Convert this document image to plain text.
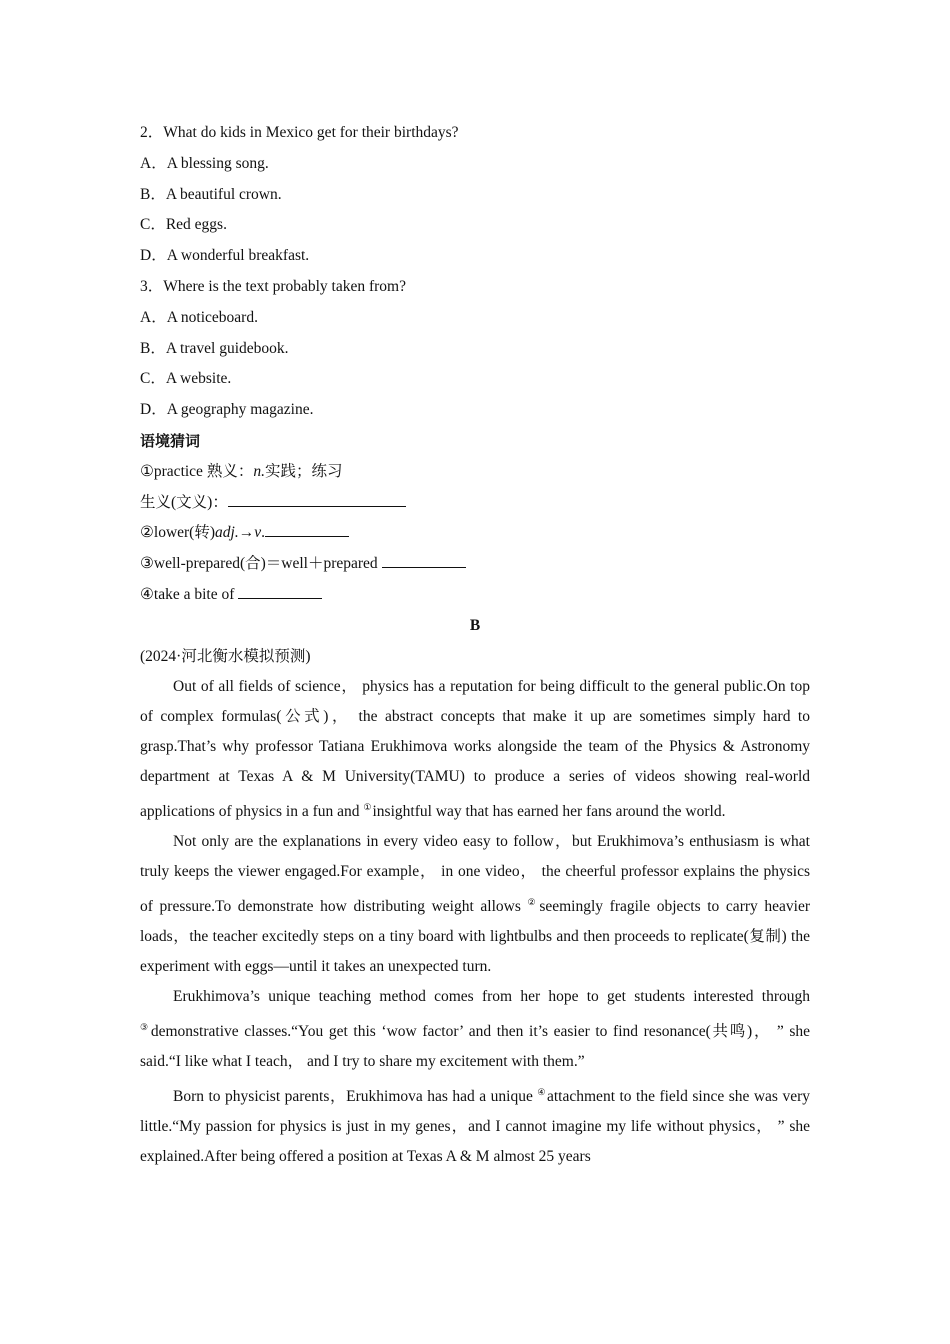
2．What do kids in Mexico get for their birthdays?
A．A blessing song.
B．A beautiful crown.
C．Red eggs.
D．A wonderful breakfast.
3．Where is the text probably taken from?
A．A noticeboard.
B．A travel guidebook.
C．A website.
D．A geography magazine.
语境猜词
①practice 熟义：n.实践；练习
生义(文义)：
②lower(转)adj.→v.
③well-prepared(合)＝well＋prepared
④take a bite of
B
(2024·河北衡水模拟预测)

Out of all fields of science， physics has a reputation for being difficult to the general public.On top of complex formulas(公式)， the abstract concepts that make it up are sometimes simply hard to grasp.That’s why professor Tatiana Erukhimova works alongside the team of the Physics & Astronomy department at Texas A & M University(TAMU) to produce a series of videos showing real-world applications of physics in a fun and ①insightful way that has earned her fans around the world.

Not only are the explanations in every video easy to follow，but Erukhimova’s enthusiasm is what truly keeps the viewer engaged.For example， in one video， the cheerful professor explains the physics of pressure.To demonstrate how distributing weight allows ②seemingly fragile objects to carry heavier loads，the teacher excitedly steps on a tiny board with lightbulbs and then proceeds to replicate(复制) the experiment with eggs—until it takes an unexpected turn.

Erukhimova’s unique teaching method comes from her hope to get students interested through ③demonstrative classes.“You get this ‘wow factor’ and then it’s easier to find resonance(共鸣)， ” she said.“I like what I teach， and I try to share my excitement with them.”

Born to physicist parents，Erukhimova has had a unique ④attachment to the field since she was very little.“My passion for physics is just in my genes，and I cannot imagine my life without physics， ” she explained.After being offered a position at Texas A & M almost 25 years
